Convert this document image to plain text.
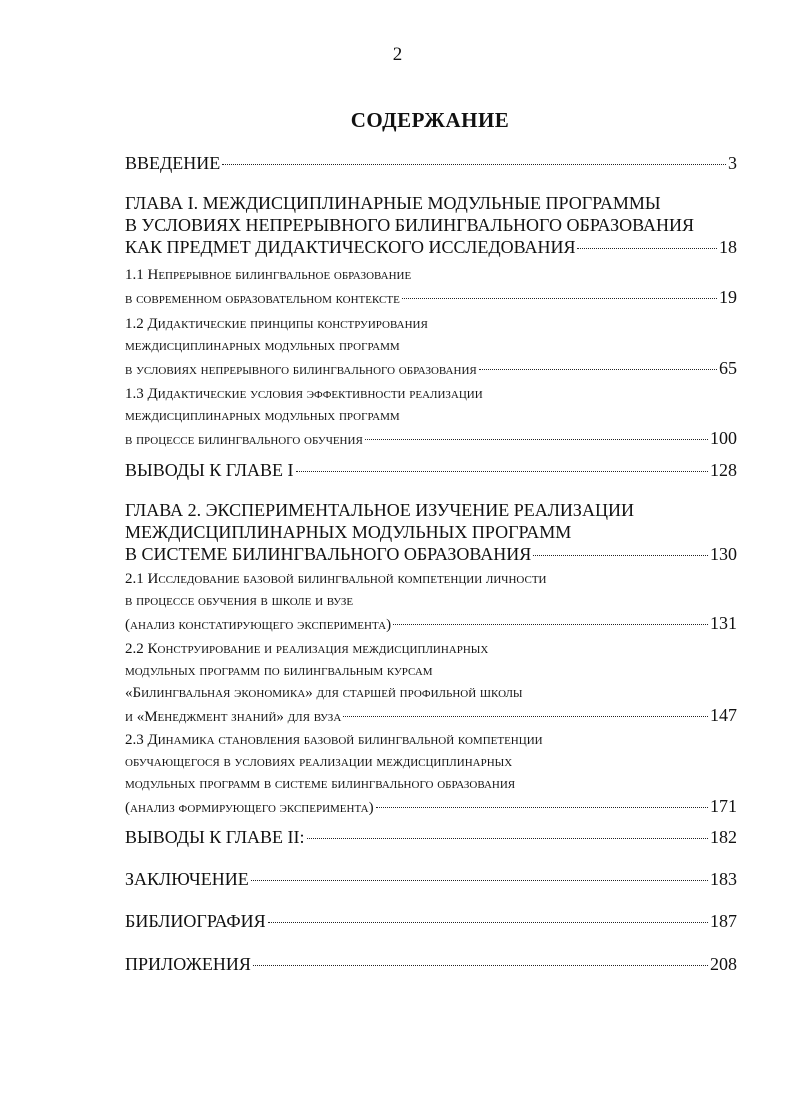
2
СОДЕРЖАНИЕ
ВВЕДЕНИЕ	3
ГЛАВА I. МЕЖДИСЦИПЛИНАРНЫЕ МОДУЛЬНЫЕ ПРОГРАММЫ
В УСЛОВИЯХ НЕПРЕРЫВНОГО БИЛИНГВАЛЬНОГО ОБРАЗОВАНИЯ
КАК ПРЕДМЕТ ДИДАКТИЧЕСКОГО ИССЛЕДОВАНИЯ	18
1.1 Непрерывное билингвальное образование
в современном образовательном контексте	19
1.2 Дидактические принципы конструирования
междисциплинарных модульных программ
в условиях непрерывного билингвального образования	65
1.3 Дидактические условия эффективности реализации
междисциплинарных модульных программ
в процессе билингвального обучения	100
ВЫВОДЫ К ГЛАВЕ I	128
ГЛАВА 2. ЭКСПЕРИМЕНТАЛЬНОЕ ИЗУЧЕНИЕ РЕАЛИЗАЦИИ
МЕЖДИСЦИПЛИНАРНЫХ МОДУЛЬНЫХ ПРОГРАММ
В СИСТЕМЕ БИЛИНГВАЛЬНОГО ОБРАЗОВАНИЯ	130
2.1 Исследование базовой билингвальной компетенции личности
в процессе обучения в школе и вузе
(анализ констатирующего эксперимента)	131
2.2 Конструирование и реализация междисциплинарных
модульных программ по билингвальным курсам
«Билингвальная экономика» для старшей профильной школы
и «Менеджмент знаний» для вуза	147
2.3 Динамика становления базовой билингвальной компетенции
обучающегося в условиях реализации междисциплинарных
модульных программ в системе билингвального образования
(анализ формирующего эксперимента)	171
ВЫВОДЫ К ГЛАВЕ II:	182
ЗАКЛЮЧЕНИЕ	183
БИБЛИОГРАФИЯ	187
ПРИЛОЖЕНИЯ	208
